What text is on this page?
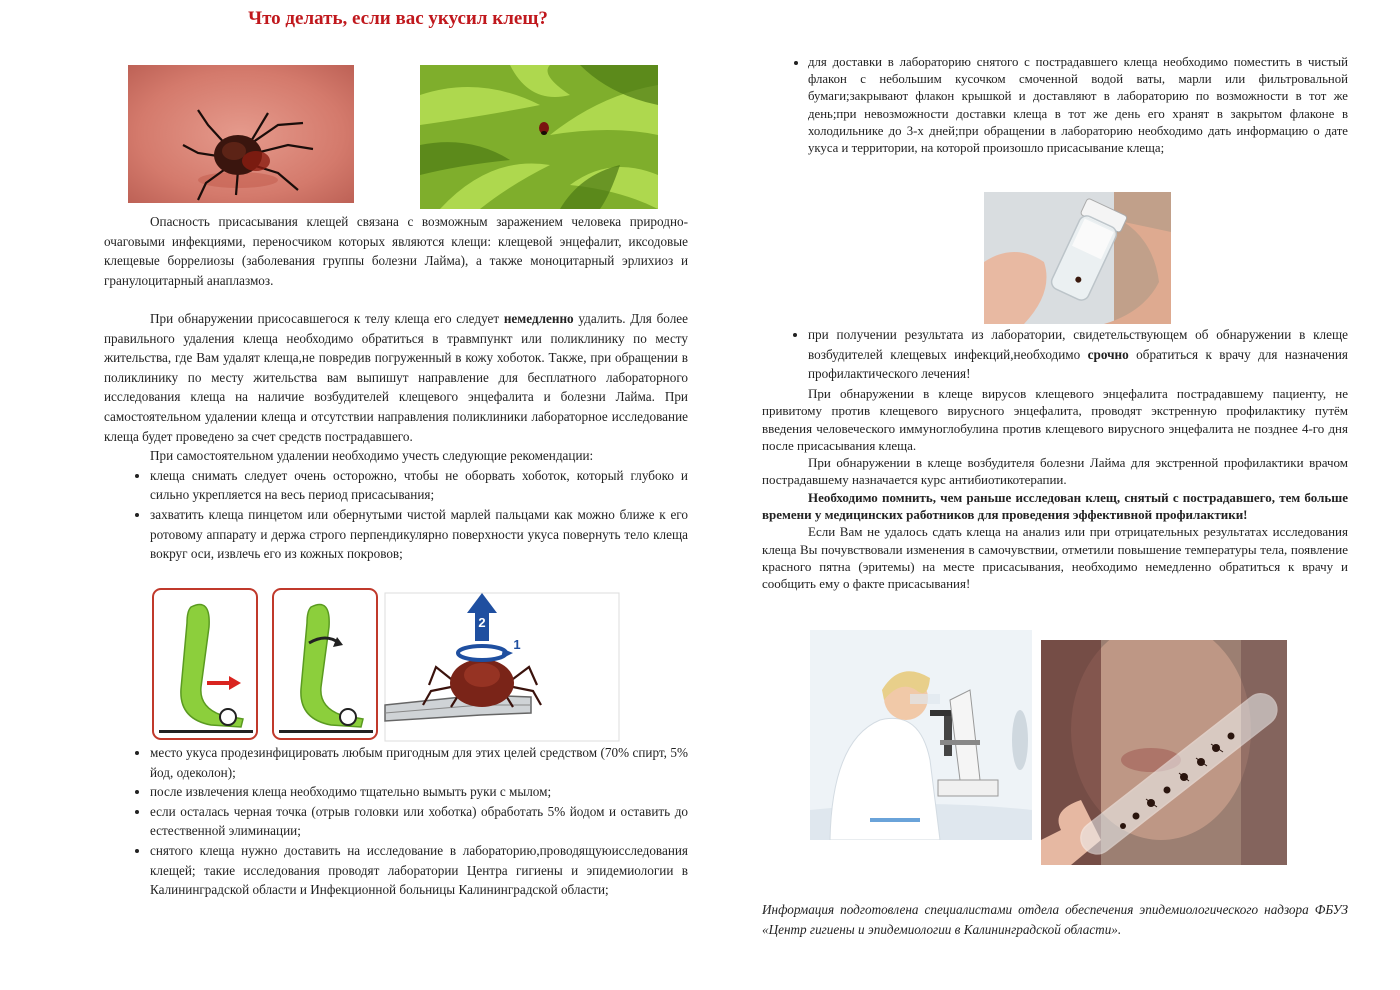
Что делать, если вас укусил клещ?

Опасность присасывания клещей связана с возможным заражением человека природно-очаговыми инфекциями, переносчиком которых являются клещи: клещевой энцефалит, иксодовые клещевые боррелиозы (заболевания группы болезни Лайма), а также моноцитарный эрлихиоз и гранулоцитарный анаплазмоз.

При обнаружении присосавшегося к телу клеща его следует немедленно удалить. Для более правильного удаления клеща необходимо обратиться в травмпункт или поликлинику по месту жительства, где Вам удалят клеща,не повредив погруженный в кожу хоботок. Также, при обращении в поликлинику по месту жительства вам выпишут направление для бесплатного лабораторного исследования клеща на наличие возбудителей клещевого энцефалита и болезни Лайма. При самостоятельном удалении клеща и отсутствии направления поликлиники лабораторное исследование клеща будет проведено за счет средств пострадавшего.

При самостоятельном удалении необходимо учесть следующие рекомендации:

• клеща снимать следует очень осторожно, чтобы не оборвать хоботок, который глубоко и сильно укрепляется на весь период присасывания;
• захватить клеща пинцетом или обернутыми чистой марлей пальцами как можно ближе к его ротовому аппарату и держа строго перпендикулярно поверхности укуса повернуть тело клеща вокруг оси, извлечь его из кожных покровов;
2
1
• место укуса продезинфицировать любым пригодным для этих целей средством (70% спирт, 5% йод, одеколон);
• после извлечения клеща необходимо тщательно вымыть руки с мылом;
• если осталась черная точка (отрыв головки или хоботка) обработать 5% йодом и оставить до естественной элиминации;
• снятого клеща нужно доставить на исследование в лабораторию,проводящуюисследования клещей; такие исследования проводят лаборатории Центра гигиены и эпидемиологии в Калининградской области и Инфекционной больницы Калининградской области;
• для доставки в лабораторию снятого с пострадавшего клеща необходимо поместить в чистый флакон с небольшим кусочком смоченной водой ваты, марли или фильтровальной бумаги;закрывают флакон крышкой и доставляют в лабораторию по возможности в тот же день;при невозможности доставки клеща в тот же день его хранят в закрытом флаконе в холодильнике до 3-х дней;при обращении в лабораторию необходимо дать информацию о дате укуса и территории, на которой произошло присасывание клеща;
• при получении результата из лаборатории, свидетельствующем об обнаружении в клеще возбудителей клещевых инфекций,необходимо срочно обратиться к врачу для назначения профилактического лечения!

При обнаружении в клеще вирусов клещевого энцефалита пострадавшему пациенту, не привитому против клещевого вирусного энцефалита, проводят экстренную профилактику путём введения человеческого иммуноглобулина против клещевого вирусного энцефалита не позднее 4-го дня после присасывания клеща.

При обнаружении в клеще возбудителя болезни Лайма для экстренной профилактики врачом пострадавшему назначается курс антибиотикотерапии.

Необходимо помнить, чем раньше исследован клещ, снятый с пострадавшего, тем больше времени у медицинских работников для проведения эффективной профилактики!

Если Вам не удалось сдать клеща на анализ или при отрицательных результатах исследования клеща Вы почувствовали изменения в самочувствии, отметили повышение температуры тела, появление красного пятна (эритемы) на месте присасывания, необходимо немедленно обратиться к врачу и сообщить ему о факте присасывания!

Информация подготовлена специалистами отдела обеспечения эпидемиологического надзора ФБУЗ «Центр гигиены и эпидемиологии в Калининградской области».
